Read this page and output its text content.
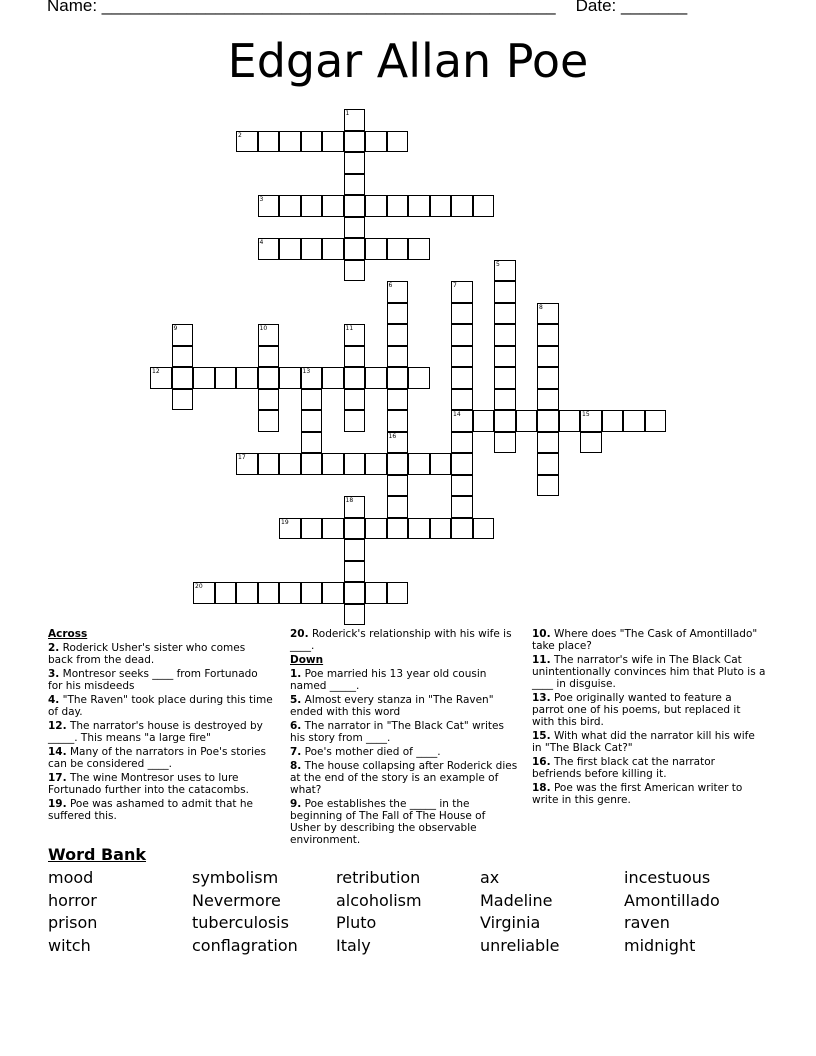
Name: ________________________________________________ Date: _______
Edgar Allan Poe
1
2
3
4
5
6
16
7
14
8
9	10	11
12	13
15
17
18
19
20
Across
2. Roderick Usher's sister who comes back from the dead.
3. Montresor seeks ____ from Fortunado for his misdeeds
4. "The Raven" took place during this time of day.
12. The narrator's house is destroyed by _____. This means "a large fire"
14. Many of the narrators in Poe's stories can be considered ____.
17. The wine Montresor uses to lure Fortunado further into the catacombs.
19. Poe was ashamed to admit that he suffered this.
20. Roderick's relationship with his wife is ____.
Down
1. Poe married his 13 year old cousin named _____.
5. Almost every stanza in "The Raven" ended with this word
6. The narrator in "The Black Cat" writes his story from ____.
7. Poe's mother died of ____.
8. The house collapsing after Roderick dies at the end of the story is an example of what?
9. Poe establishes the _____ in the beginning of The Fall of The House of Usher by describing the observable environment.
10. Where does "The Cask of Amontillado" take place?
11. The narrator's wife in The Black Cat unintentionally convinces him that Pluto is a ____ in disguise.
13. Poe originally wanted to feature a parrot one of his poems, but replaced it with this bird.
15. With what did the narrator kill his wife in "The Black Cat?"
16. The first black cat the narrator befriends before killing it.
18. Poe was the first American writer to write in this genre.
Word Bank
mood
horror
prison
witch
symbolism
Nevermore
tuberculosis
conflagration
retribution
alcoholism
Pluto
Italy
ax
Madeline
Virginia
unreliable
incestuous
Amontillado
raven
midnight
